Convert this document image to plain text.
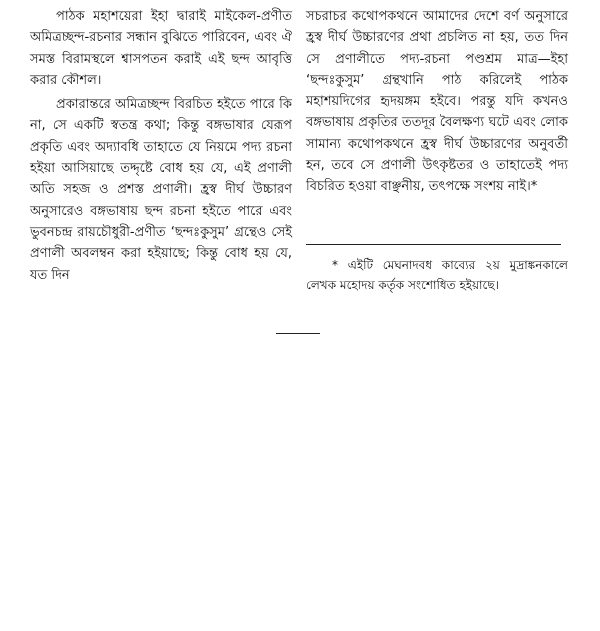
পাঠক মহাশয়েরা ইহা দ্বারাই মাইকেল-প্রণীত অমিত্রচ্ছন্দ-রচনার সন্ধান বুঝিতে পারিবেন, এবং ঐ সমস্ত বিরামস্থলে শ্বাসপতন করাই এই ছন্দ আবৃত্তি করার কৌশল।

প্রকারান্তরে অমিত্রচ্ছন্দ বিরচিত হইতে পারে কি না, সে একটি স্বতন্ত্র কথা; কিন্তু বঙ্গভাষার যেরূপ প্রকৃতি এবং অদ্যাবধি তাহাতে যে নিয়মে পদ্য রচনা হইয়া আসিয়াছে তদ্দৃষ্টে বোধ হয় যে, এই প্রণালী অতি সহজ ও প্রশস্ত প্রণালী। হ্রস্ব দীর্ঘ উচ্চারণ অনুসারেও বঙ্গভাষায় ছন্দ রচনা হইতে পারে এবং ভুবনচন্দ্র রায়চৌধুরী-প্রণীত ‘ছন্দঃকুসুম’ গ্রন্থেও সেই প্রণালী অবলম্বন করা হইয়াছে; কিন্তু বোধ হয় যে, যত দিন

সচরাচর কথোপকথনে আমাদের দেশে বর্ণ অনুসারে হ্রস্ব দীর্ঘ উচ্চারণের প্রথা প্রচলিত না হয়, তত দিন সে প্রণালীতে পদ্য-রচনা পণ্ডশ্রম মাত্র—ইহা ‘ছন্দঃকুসুম’ গ্রন্থখানি পাঠ করিলেই পাঠক মহাশয়দিগের হৃদয়ঙ্গম হইবে। পরন্তু যদি কখনও বঙ্গভাষায় প্রকৃতির ততদূর বৈলক্ষণ্য ঘটে এবং লোক সামান্য কথোপকথনে হ্রস্ব দীর্ঘ উচ্চারণের অনুবর্তী হন, তবে সে প্রণালী উৎকৃষ্টতর ও তাহাতেই পদ্য বিচরিত হওয়া বাঞ্ছনীয়, তৎপক্ষে সংশয় নাই।*

* এইটি মেঘনাদবধ কাব্যের ২য় মুদ্রাঙ্কনকালে লেখক মহোদয় কর্তৃক সংশোধিত হইয়াছে।
